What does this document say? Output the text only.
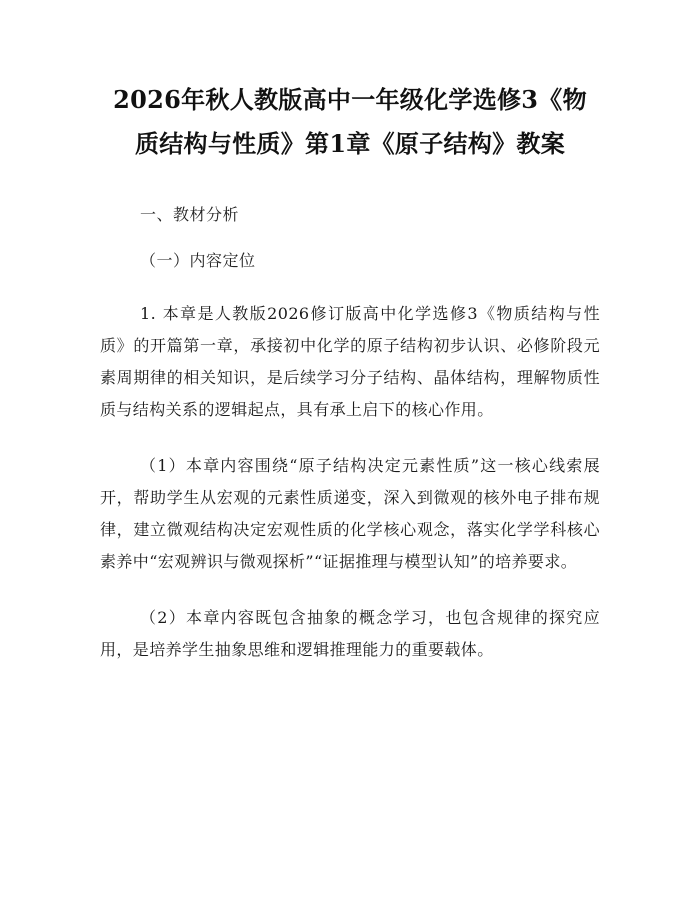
2026年秋人教版高中一年级化学选修3《物
质结构与性质》第1章《原子结构》教案
一、教材分析
（一）内容定位

1. 本章是人教版2026修订版高中化学选修3《物质结构与性质》的开篇第一章，承接初中化学的原子结构初步认识、必修阶段元素周期律的相关知识，是后续学习分子结构、晶体结构，理解物质性质与结构关系的逻辑起点，具有承上启下的核心作用。

（1）本章内容围绕“原子结构决定元素性质”这一核心线索展开，帮助学生从宏观的元素性质递变，深入到微观的核外电子排布规律，建立微观结构决定宏观性质的化学核心观念，落实化学学科核心素养中“宏观辨识与微观探析”“证据推理与模型认知”的培养要求。

（2）本章内容既包含抽象的概念学习，也包含规律的探究应用，是培养学生抽象思维和逻辑推理能力的重要载体。
